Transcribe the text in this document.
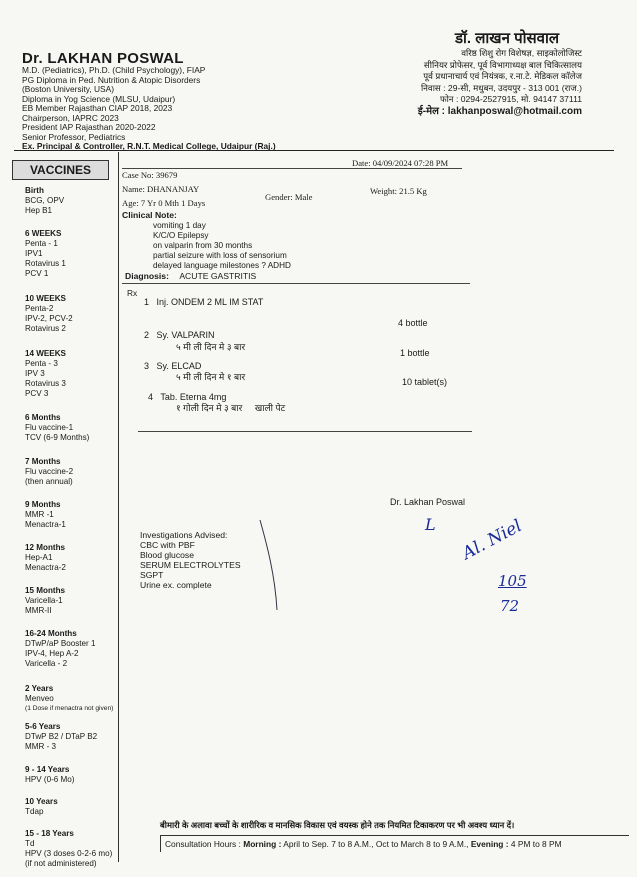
Dr. LAKHAN POSWAL
M.D. (Pediatrics), Ph.D. (Child Psychology), FIAP
PG Diploma in Ped. Nutrition & Atopic Disorders
(Boston University, USA)
Diploma in Yog Science (MLSU, Udaipur)
EB Member Rajasthan CIAP 2018, 2023
Chairperson, IAPRC 2023
President IAP Rajasthan 2020-2022
Senior Professor, Pediatrics
Ex. Principal & Controller, R.N.T. Medical College, Udaipur (Raj.)
डॉ. लाखन पोसवाल
वरिष्ठ शिशु रोग विशेषज्ञ, साइकोलोजिस्ट
सीनियर प्रोफेसर, पूर्व विभागाध्यक्ष बाल चिकित्सालय
पूर्व प्रधानाचार्य एवं नियंत्रक, र.ना.टे. मेडिकल कॉलेज
निवास : 29-सी, मधुबन, उदयपुर - 313 001 (राज.)
फोन : 0294-2527915, मो. 94147 37111
ई-मेल : lakhanposwal@hotmail.com
VACCINES
Birth
BCG, OPV
Hep B1
6 WEEKS
Penta - 1
IPV1
Rotavirus 1
PCV 1
10 WEEKS
Penta-2
IPV-2, PCV-2
Rotavirus 2
14 WEEKS
Penta - 3
IPV 3
Rotavirus 3
PCV 3
6 Months
Flu vaccine-1
TCV (6-9 Months)
7 Months
Flu vaccine-2
(then annual)
9 Months
MMR -1
Menactra-1
12 Months
Hep-A1
Menactra-2
15 Months
Varicella-1
MMR-II
16-24 Months
DTwP/aP Booster 1
IPV-4, Hep A-2
Varicella - 2
2 Years
Menveo
(1 Dose if menactra not given)
5-6 Years
DTwP B2 / DTaP B2
MMR - 3
9 - 14 Years
HPV (0-6 Mo)
10 Years
Tdap
15 - 18 Years
Td
HPV (3 doses 0-2-6 mo)
(if not administered)
Date: 04/09/2024 07:28 PM
Case No: 39679
Name: DHANANJAY
Gender: Male
Weight: 21.5 Kg
Age: 7 Yr 0 Mth 1 Days
Clinical Note:
vomiting 1 day
K/C/O Epilepsy
on valparin from 30 months
partial seizure with loss of sensorium
delayed language milestones ? ADHD
Diagnosis: ACUTE GASTRITIS
Rx
1 Inj. ONDEM 2 ML IM STAT
2 Sy. VALPARIN
५ मी ली दिन मे ३ बार
4 bottle
3 Sy. ELCAD
५ मी ली दिन मे १ बार
1 bottle
4 Tab. Eterna 4mg
१ गोली दिन मे ३ बार     खाली पेट
10 tablet(s)
Dr. Lakhan Poswal
Investigations Advised:
CBC with PBF
Blood glucose
SERUM ELECTROLYTES
SGPT
Urine ex. complete
L Al. Niel
105
72
बीमारी के अलावा बच्चों के शारीरिक व मानसिक विकास एवं वयस्क होने तक नियमित टिकाकरण पर भी अवश्य ध्यान दें।
Consultation Hours : Morning : April to Sep. 7 to 8 A.M., Oct to March 8 to 9 A.M., Evening : 4 PM to 8 PM
